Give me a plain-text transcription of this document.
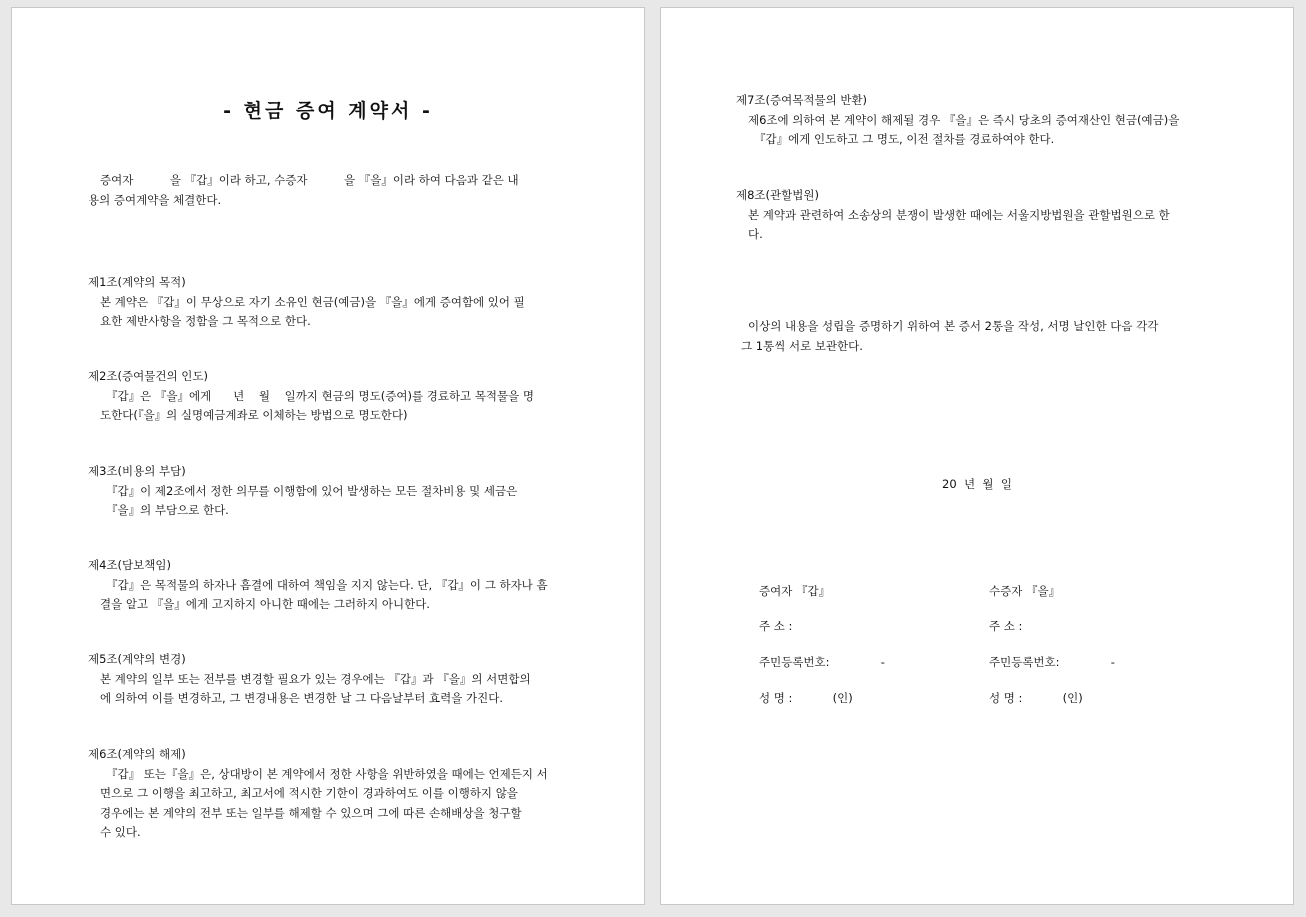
- 현금 증여 계약서 -

증여자          을 『갑』이라 하고, 수증자          을 『을』이라 하여 다음과 같은 내

용의 증여계약을 체결한다.

제1조(계약의 목적)

본 계약은 『갑』이 무상으로 자기 소유인 현금(예금)을 『을』에게 증여함에 있어 필

요한 제반사항을 정함을 그 목적으로 한다.

제2조(증여물건의 인도)

『갑』은 『을』에게      년    월    일까지 현금의 명도(증여)를 경료하고 목적물을 명

도한다(『을』의 실명예금계좌로 이체하는 방법으로 명도한다)

제3조(비용의 부담)

『갑』이 제2조에서 정한 의무를 이행함에 있어 발생하는 모든 절차비용 및 세금은

『을』의 부담으로 한다.

제4조(담보책임)

『갑』은 목적물의 하자나 흠결에 대하여 책임을 지지 않는다. 단, 『갑』이 그 하자나 흠

결을 알고 『을』에게 고지하지 아니한 때에는 그러하지 아니한다.

제5조(계약의 변경)

본 계약의 일부 또는 전부를 변경할 필요가 있는 경우에는 『갑』과 『을』의 서면합의

에 의하여 이를 변경하고, 그 변경내용은 변경한 날 그 다음날부터 효력을 가진다.

제6조(계약의 해제)

『갑』 또는『을』은, 상대방이 본 계약에서 정한 사항을 위반하였을 때에는 언제든지 서

면으로 그 이행을 최고하고, 최고서에 적시한 기한이 경과하여도 이를 이행하지 않을

경우에는 본 계약의 전부 또는 일부를 해제할 수 있으며 그에 따른 손해배상을 청구할

수 있다.

제7조(증여목적물의 반환)

제6조에 의하여 본 계약이 해제될 경우 『을』은 즉시 당초의 증여재산인 현금(예금)을

『갑』에게 인도하고 그 명도, 이전 절차를 경료하여야 한다.

제8조(관할법원)

본 계약과 관련하여 소송상의 분쟁이 발생한 때에는 서울지방법원을 관할법원으로 한

다.

이상의 내용을 성립을 증명하기 위하여 본 증서 2통을 작성, 서명 날인한 다음 각각

그 1통씩 서로 보관한다.

20  년  월  일
증여자 『갑』
주 소 :
주민등록번호:              -
성 명 :           (인)
수증자 『을』
주 소 :
주민등록번호:              -
성 명 :           (인)
